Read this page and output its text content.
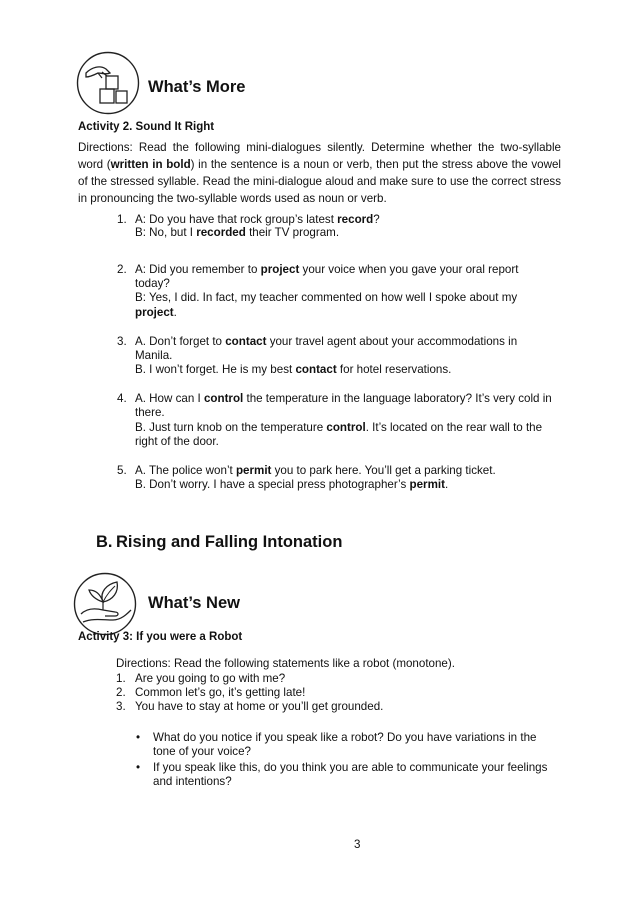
What’s More
Activity 2. Sound It Right
Directions: Read the following mini-dialogues silently. Determine whether the two-syllable word (written in bold) in the sentence is a noun or verb, then put the stress above the vowel of the stressed syllable. Read the mini-dialogue aloud and make sure to use the correct stress in pronouncing the two-syllable words used as noun or verb.
1. A: Do you have that rock group’s latest record?
B: No, but I recorded their TV program.
2. A: Did you remember to project your voice when you gave your oral report
today?
B: Yes, I did. In fact, my teacher commented on how well I spoke about my
project.
3. A. Don’t forget to contact your travel agent about your accommodations in
Manila.
B. I won’t forget. He is my best contact for hotel reservations.
4. A. How can I control the temperature in the language laboratory? It’s very cold in
there.
B. Just turn knob on the temperature control. It’s located on the rear wall to the
right of the door.
5. A. The police won’t permit you to park here. You’ll get a parking ticket.
B. Don’t worry. I have a special press photographer’s permit.
B. Rising and Falling Intonation
What’s New
Activity 3: If you were a Robot
Directions: Read the following statements like a robot (monotone).
1. Are you going to go with me?
2. Common let’s go, it’s getting late!
3. You have to stay at home or you’ll get grounded.
• What do you notice if you speak like a robot? Do you have variations in the
tone of your voice?
• If you speak like this, do you think you are able to communicate your feelings
and intentions?
3
